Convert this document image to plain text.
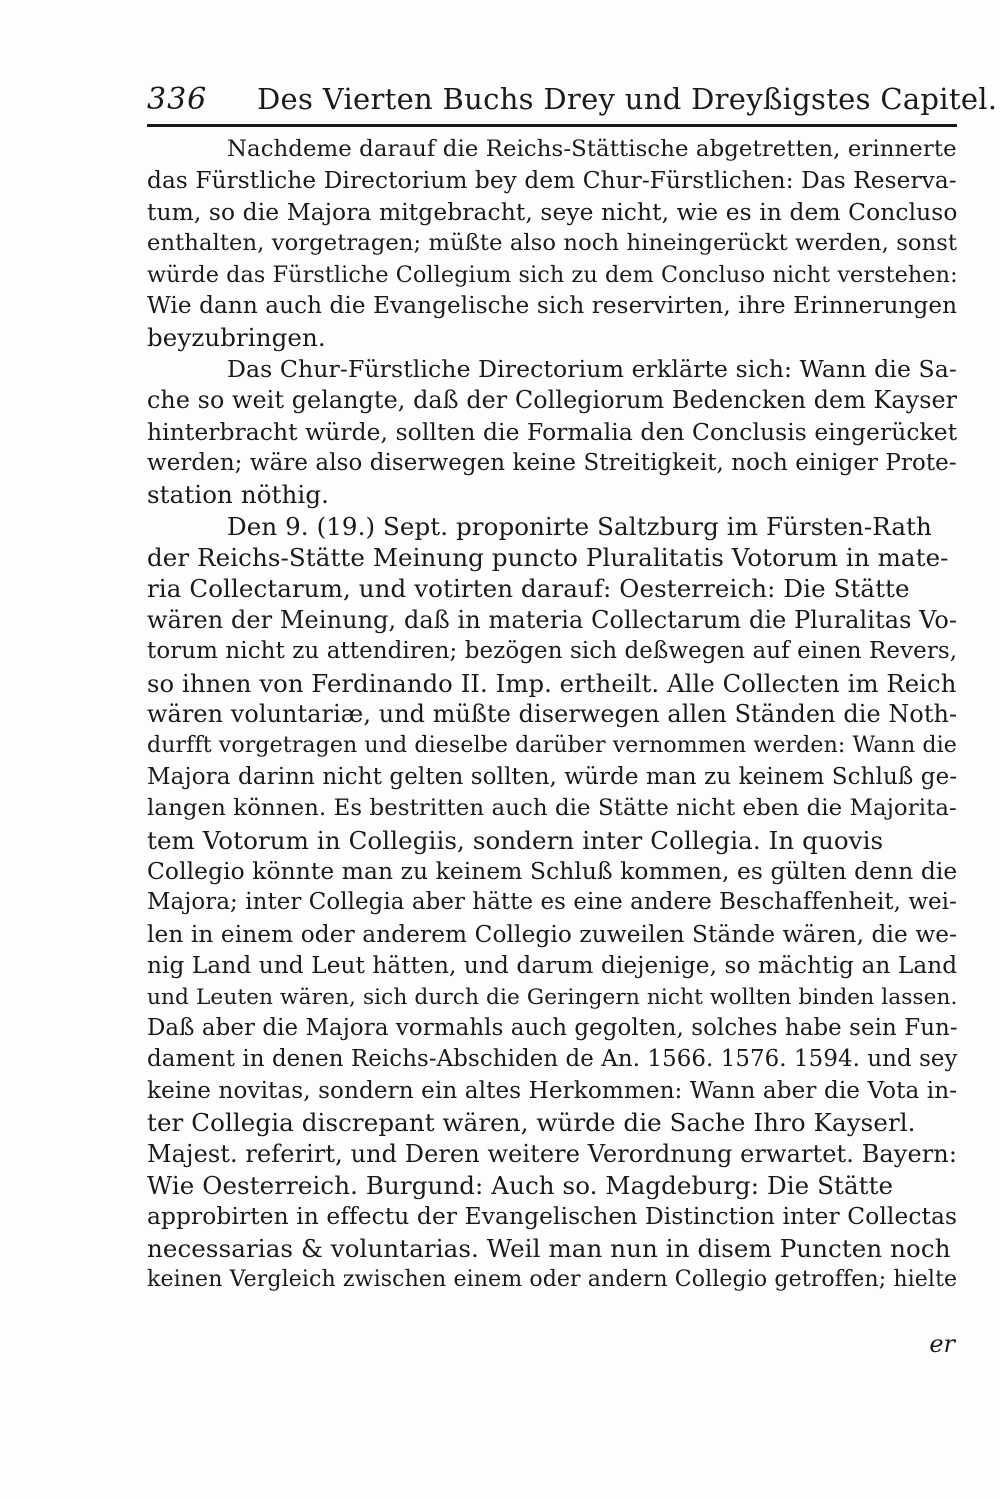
336 Des Vierten Buchs Drey und Dreyßigstes Capitel.
Nachdeme darauf die Reichs-Stättische abgetretten, erinnerte
das Fürstliche Directorium bey dem Chur-Fürstlichen: Das Reserva-
tum, so die Majora mitgebracht, seye nicht, wie es in dem Concluso
enthalten, vorgetragen; müßte also noch hineingerückt werden, sonst
würde das Fürstliche Collegium sich zu dem Concluso nicht verstehen:
Wie dann auch die Evangelische sich reservirten, ihre Erinnerungen
beyzubringen.
Das Chur-Fürstliche Directorium erklärte sich: Wann die Sa-
che so weit gelangte, daß der Collegiorum Bedencken dem Kayser
hinterbracht würde, sollten die Formalia den Conclusis eingerücket
werden; wäre also diserwegen keine Streitigkeit, noch einiger Prote-
station nöthig.
Den 9. (19.) Sept. proponirte Saltzburg im Fürsten-Rath
der Reichs-Stätte Meinung puncto Pluralitatis Votorum in mate-
ria Collectarum, und votirten darauf: Oesterreich: Die Stätte
wären der Meinung, daß in materia Collectarum die Pluralitas Vo-
torum nicht zu attendiren; bezögen sich deßwegen auf einen Revers,
so ihnen von Ferdinando II. Imp. ertheilt. Alle Collecten im Reich
wären voluntariæ, und müßte diserwegen allen Ständen die Noth-
durfft vorgetragen und dieselbe darüber vernommen werden: Wann die
Majora darinn nicht gelten sollten, würde man zu keinem Schluß ge-
langen können. Es bestritten auch die Stätte nicht eben die Majorita-
tem Votorum in Collegiis, sondern inter Collegia. In quovis
Collegio könnte man zu keinem Schluß kommen, es gülten denn die
Majora; inter Collegia aber hätte es eine andere Beschaffenheit, wei-
len in einem oder anderem Collegio zuweilen Stände wären, die we-
nig Land und Leut hätten, und darum diejenige, so mächtig an Land
und Leuten wären, sich durch die Geringern nicht wollten binden lassen.
Daß aber die Majora vormahls auch gegolten, solches habe sein Fun-
dament in denen Reichs-Abschiden de An. 1566. 1576. 1594. und sey
keine novitas, sondern ein altes Herkommen: Wann aber die Vota in-
ter Collegia discrepant wären, würde die Sache Ihro Kayserl.
Majest. referirt, und Deren weitere Verordnung erwartet. Bayern:
Wie Oesterreich. Burgund: Auch so. Magdeburg: Die Stätte
approbirten in effectu der Evangelischen Distinction inter Collectas
necessarias & voluntarias. Weil man nun in disem Puncten noch
keinen Vergleich zwischen einem oder andern Collegio getroffen; hielte
er
